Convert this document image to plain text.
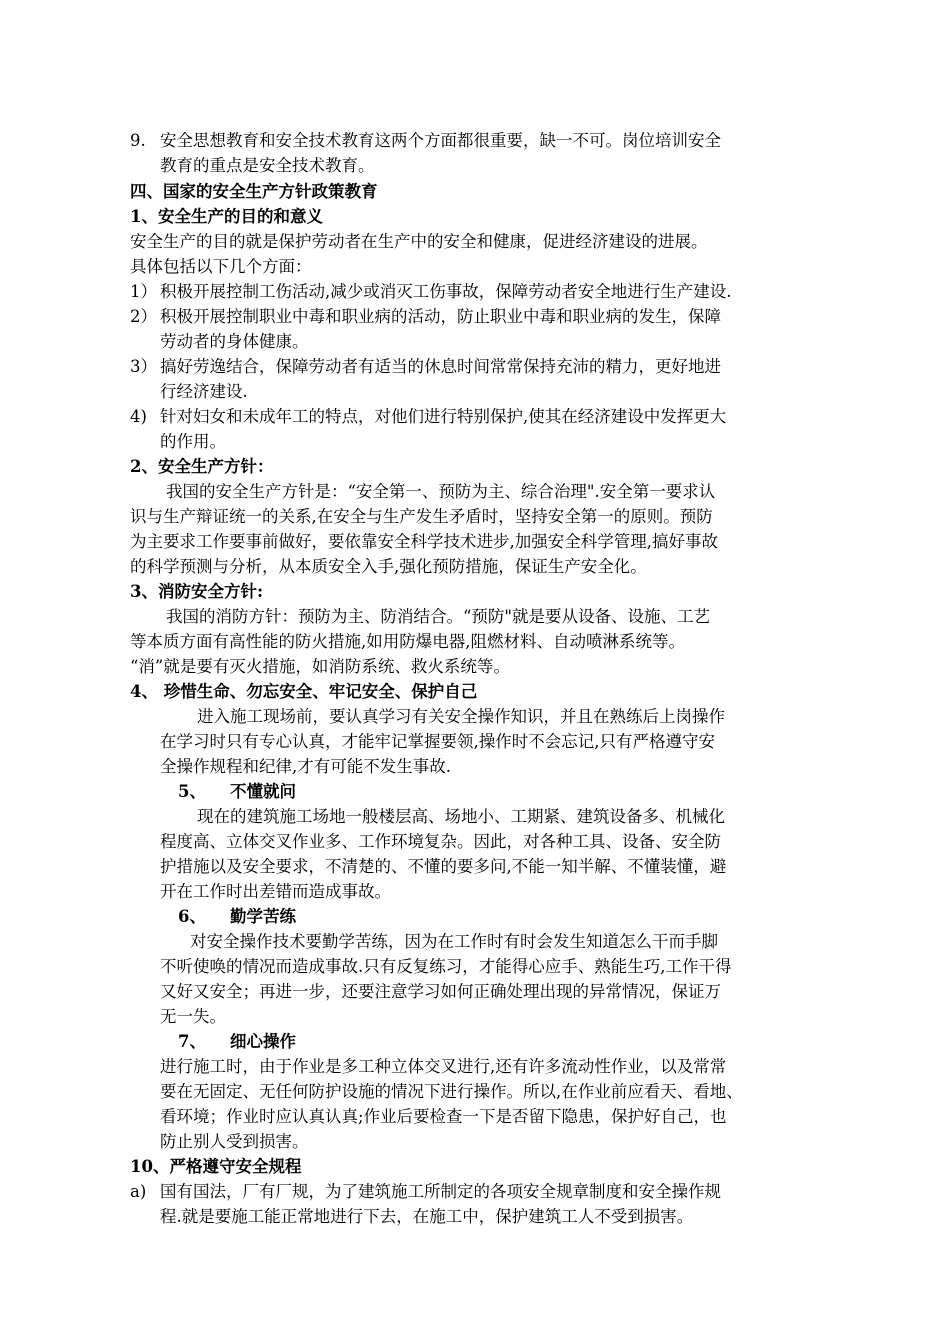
9. 安全思想教育和安全技术教育这两个方面都很重要，缺一不可。岗位培训安全
教育的重点是安全技术教育。
四、国家的安全生产方针政策教育
1、安全生产的目的和意义
安全生产的目的就是保护劳动者在生产中的安全和健康，促进经济建设的进展。
具体包括以下几个方面：
1） 积极开展控制工伤活动,减少或消灭工伤事故，保障劳动者安全地进行生产建设.
2） 积极开展控制职业中毒和职业病的活动，防止职业中毒和职业病的发生，保障
劳动者的身体健康。
3） 搞好劳逸结合，保障劳动者有适当的休息时间常常保持充沛的精力，更好地进
行经济建设.
4) 针对妇女和未成年工的特点，对他们进行特别保护,使其在经济建设中发挥更大
的作用。
2、安全生产方针：
我国的安全生产方针是：“安全第一、预防为主、综合治理".安全第一要求认
识与生产辩证统一的关系,在安全与生产发生矛盾时，坚持安全第一的原则。预防
为主要求工作要事前做好，要依靠安全科学技术进步,加强安全科学管理,搞好事故
的科学预测与分析，从本质安全入手,强化预防措施，保证生产安全化。
3、消防安全方针:
我国的消防方针：预防为主、防消结合。“预防"就是要从设备、设施、工艺
等本质方面有高性能的防火措施,如用防爆电器,阻燃材料、自动喷淋系统等。
“消”就是要有灭火措施，如消防系统、救火系统等。
4、 珍惜生命、勿忘安全、牢记安全、保护自己
进入施工现场前，要认真学习有关安全操作知识，并且在熟练后上岗操作
在学习时只有专心认真，才能牢记掌握要领,操作时不会忘记,只有严格遵守安
全操作规程和纪律,才有可能不发生事故.
5、 不懂就问
现在的建筑施工场地一般楼层高、场地小、工期紧、建筑设备多、机械化
程度高、立体交叉作业多、工作环境复杂。因此，对各种工具、设备、安全防
护措施以及安全要求，不清楚的、不懂的要多问,不能一知半解、不懂装懂，避
开在工作时出差错而造成事故。
6、 勤学苦练
对安全操作技术要勤学苦练，因为在工作时有时会发生知道怎么干而手脚
不听使唤的情况而造成事故.只有反复练习，才能得心应手、熟能生巧,工作干得
又好又安全；再进一步，还要注意学习如何正确处理出现的异常情况，保证万
无一失。
7、 细心操作
进行施工时，由于作业是多工种立体交叉进行,还有许多流动性作业，以及常常
要在无固定、无任何防护设施的情况下进行操作。所以,在作业前应看天、看地、
看环境；作业时应认真认真;作业后要检查一下是否留下隐患，保护好自己，也
防止别人受到损害。
10、严格遵守安全规程
a) 国有国法，厂有厂规，为了建筑施工所制定的各项安全规章制度和安全操作规
程.就是要施工能正常地进行下去，在施工中，保护建筑工人不受到损害。
